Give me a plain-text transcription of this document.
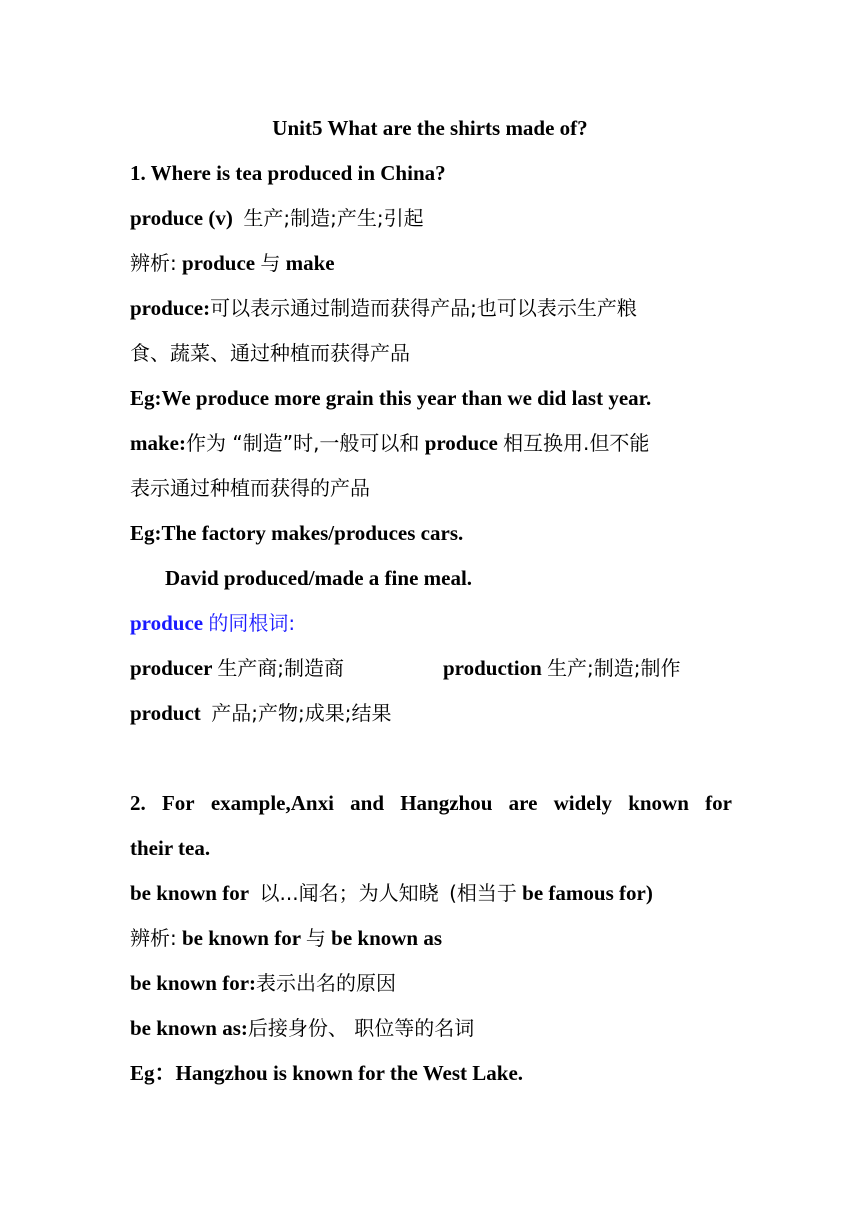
Unit5 What are the shirts made of?
1. Where is tea produced in China?
produce (v) 生产;制造;产生;引起
辨析: produce 与 make
produce:可以表示通过制造而获得产品;也可以表示生产粮
食、蔬菜、通过种植而获得产品
Eg:We produce more grain this year than we did last year.
make:作为 “制造”时,一般可以和 produce 相互换用.但不能
表示通过种植而获得的产品
Eg:The factory makes/produces cars.
David produced/made a fine meal.
produce 的同根词:
producer 生产商;制造商	production 生产;制造;制作
product 产品;产物;成果;结果
2. For example,Anxi and Hangzhou are widely known for
their tea.
be known for 以...闻名；为人知晓 (相当于 be famous for)
辨析: be known for 与 be known as
be known for:表示出名的原因
be known as:后接身份、 职位等的名词
Eg：Hangzhou is known for the West Lake.
